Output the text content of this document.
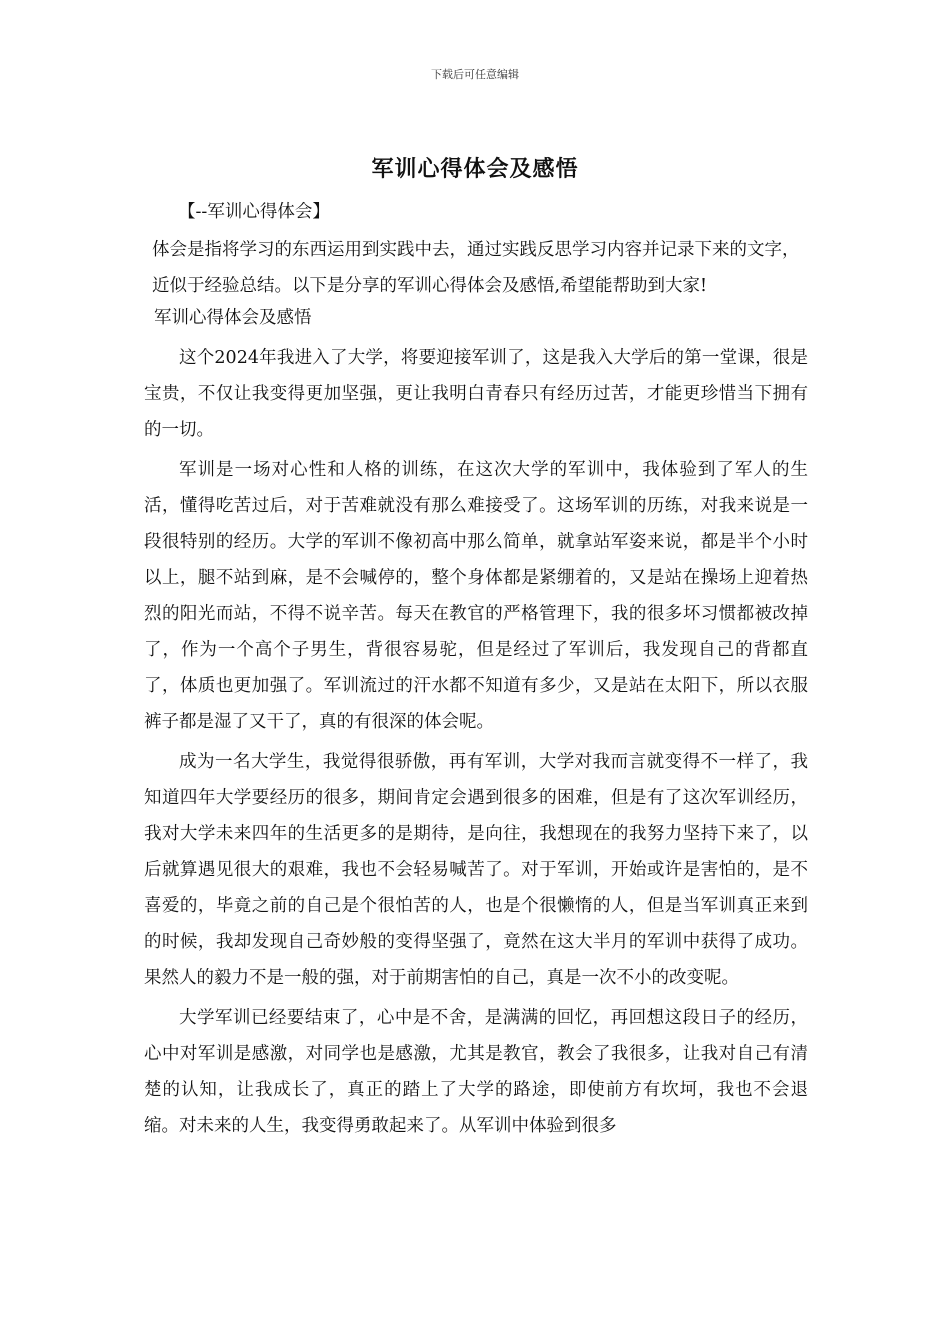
下载后可任意编辑
军训心得体会及感悟

【--军训心得体会】

体会是指将学习的东西运用到实践中去，通过实践反思学习内容并记录下来的文字，近似于经验总结。以下是分享的军训心得体会及感悟,希望能帮助到大家!

军训心得体会及感悟

这个2024年我进入了大学，将要迎接军训了，这是我入大学后的第一堂课，很是宝贵，不仅让我变得更加坚强，更让我明白青春只有经历过苦，才能更珍惜当下拥有的一切。

军训是一场对心性和人格的训练，在这次大学的军训中，我体验到了军人的生活，懂得吃苦过后，对于苦难就没有那么难接受了。这场军训的历练，对我来说是一段很特别的经历。大学的军训不像初高中那么简单，就拿站军姿来说，都是半个小时以上，腿不站到麻，是不会喊停的，整个身体都是紧绷着的，又是站在操场上迎着热烈的阳光而站，不得不说辛苦。每天在教官的严格管理下，我的很多坏习惯都被改掉了，作为一个高个子男生，背很容易驼，但是经过了军训后，我发现自己的背都直了，体质也更加强了。军训流过的汗水都不知道有多少，又是站在太阳下，所以衣服裤子都是湿了又干了，真的有很深的体会呢。

成为一名大学生，我觉得很骄傲，再有军训，大学对我而言就变得不一样了，我知道四年大学要经历的很多，期间肯定会遇到很多的困难，但是有了这次军训经历，我对大学未来四年的生活更多的是期待，是向往，我想现在的我努力坚持下来了，以后就算遇见很大的艰难，我也不会轻易喊苦了。对于军训，开始或许是害怕的，是不喜爱的，毕竟之前的自己是个很怕苦的人，也是个很懒惰的人，但是当军训真正来到的时候，我却发现自己奇妙般的变得坚强了，竟然在这大半月的军训中获得了成功。果然人的毅力不是一般的强，对于前期害怕的自己，真是一次不小的改变呢。

大学军训已经要结束了，心中是不舍，是满满的回忆，再回想这段日子的经历，心中对军训是感激，对同学也是感激，尤其是教官，教会了我很多，让我对自己有清楚的认知，让我成长了，真正的踏上了大学的路途，即使前方有坎坷，我也不会退缩。对未来的人生，我变得勇敢起来了。从军训中体验到很多
